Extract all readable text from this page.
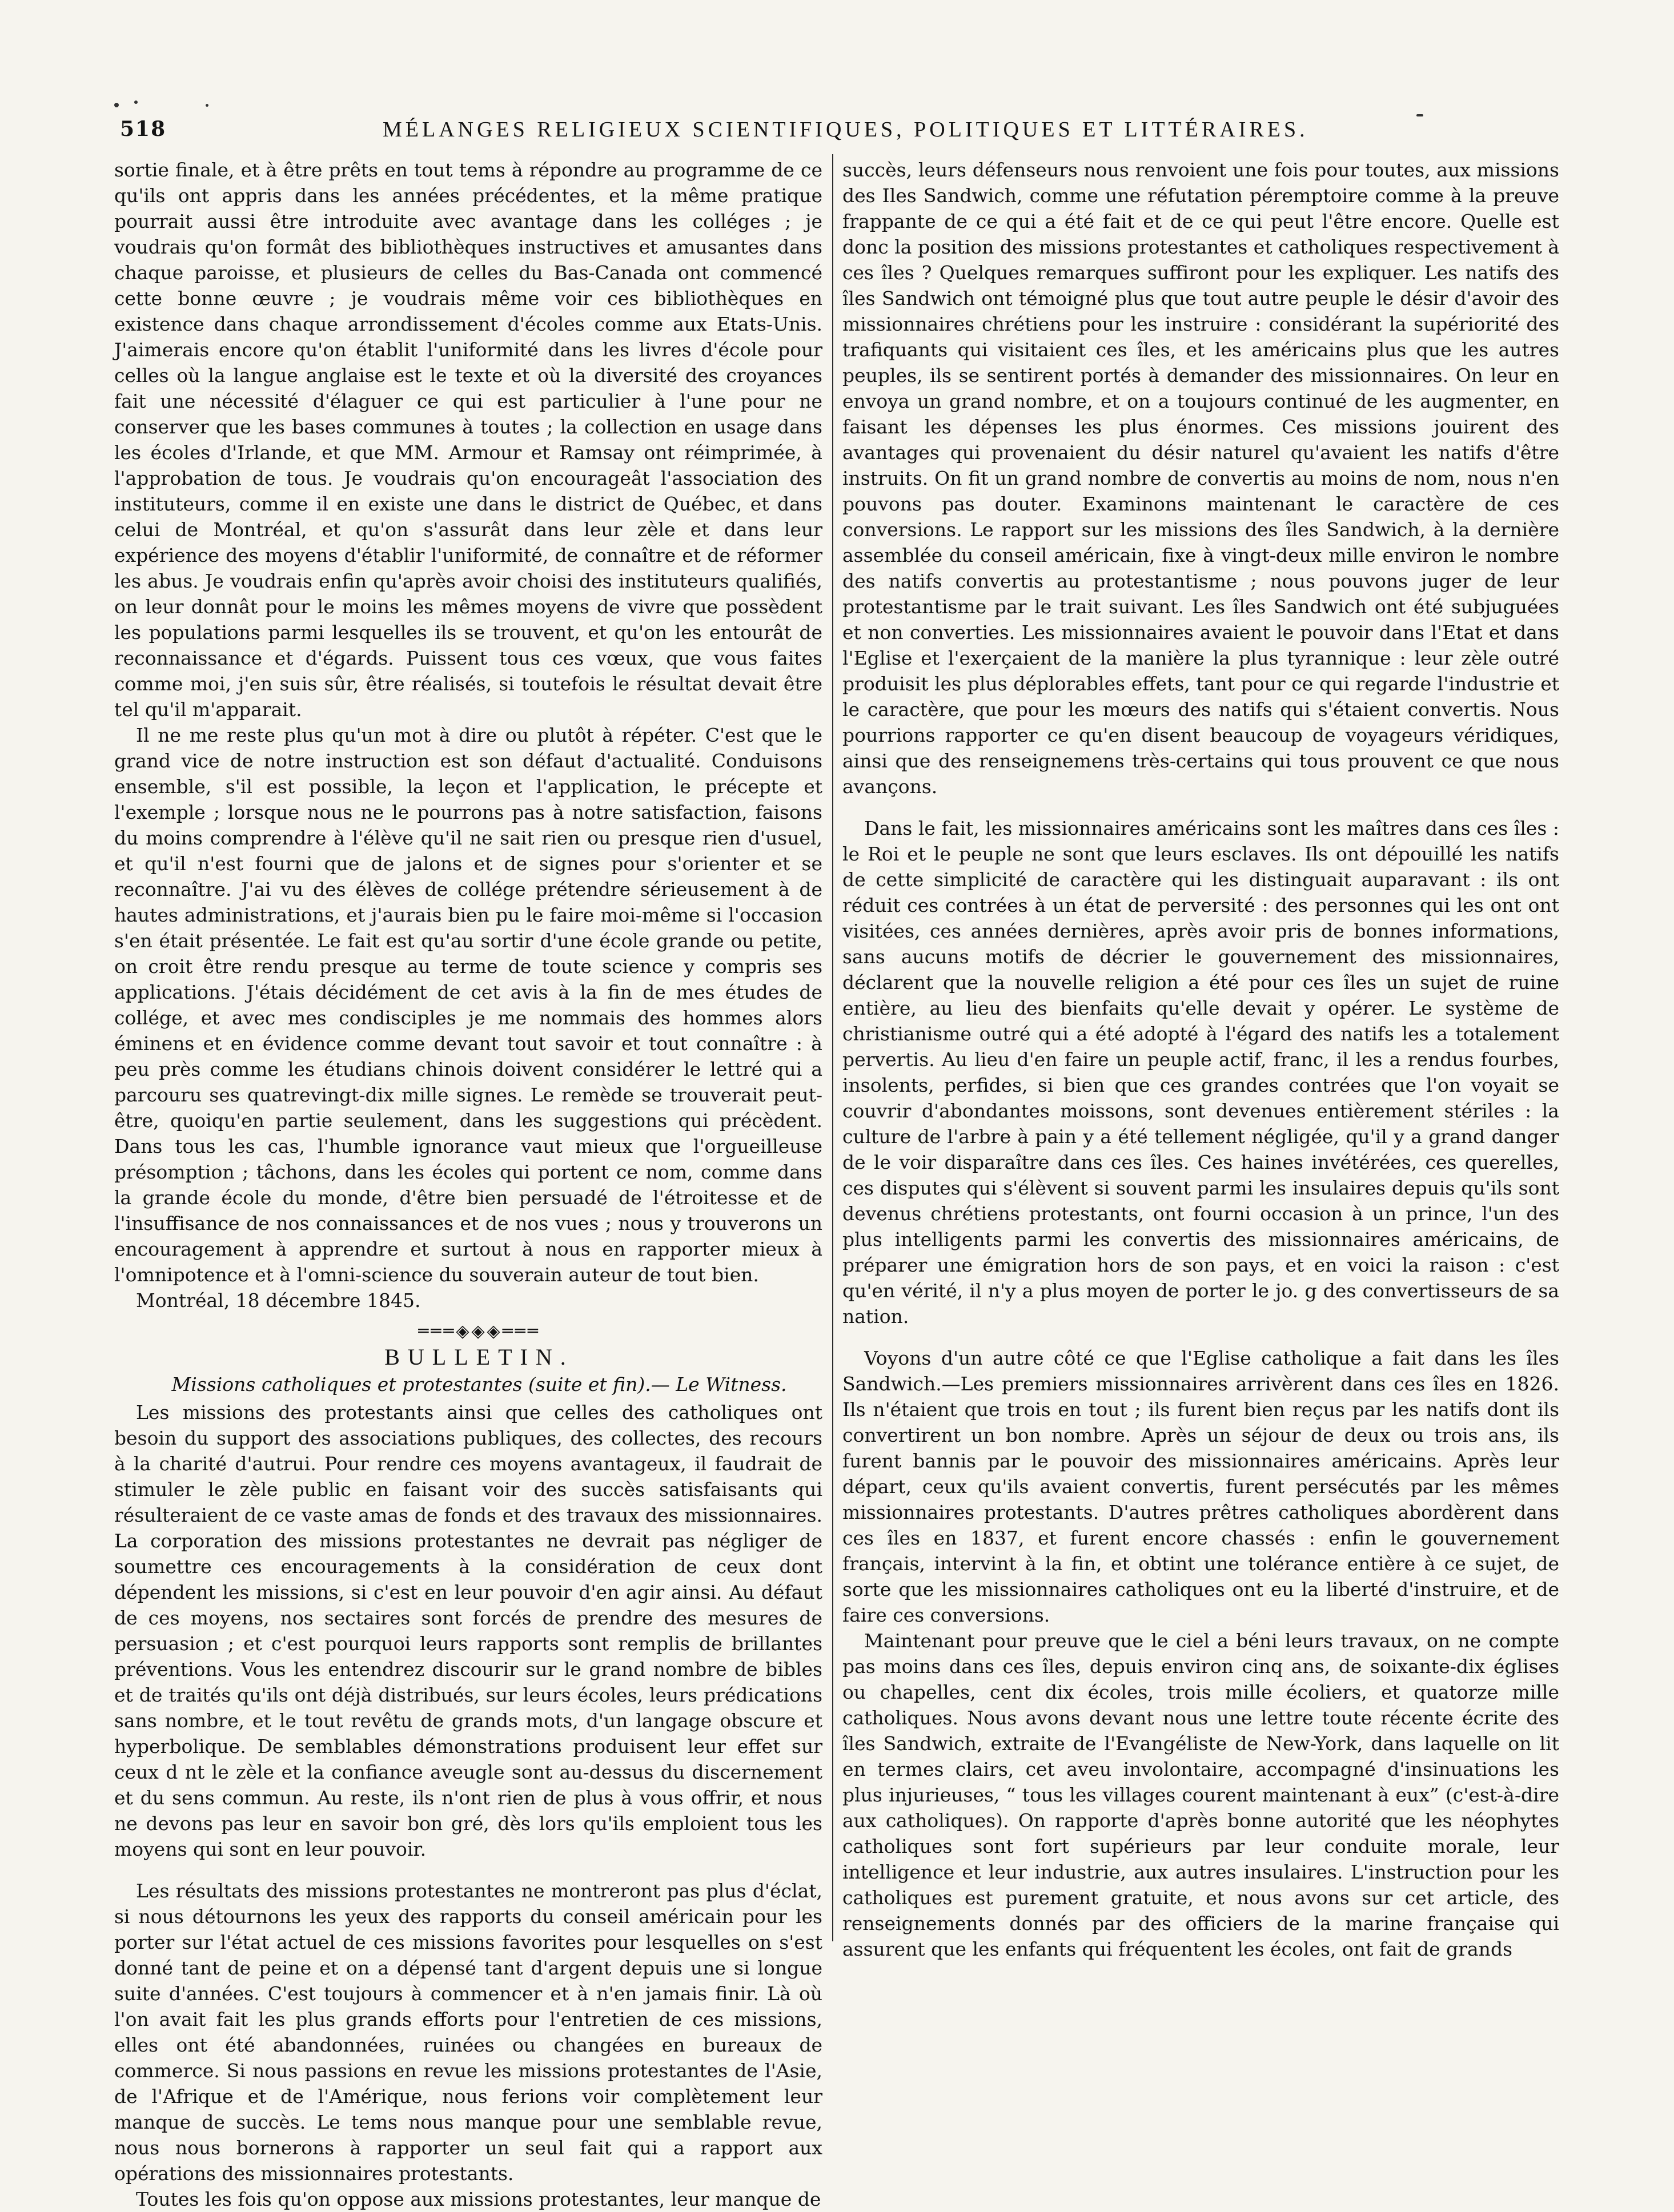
518	MÉLANGES RELIGIEUX SCIENTIFIQUES, POLITIQUES ET LITTÉRAIRES.

sortie finale, et à être prêts en tout tems à répondre au programme de ce qu'ils ont appris dans les années précédentes, et la même pratique pourrait aussi être introduite avec avantage dans les colléges ; je voudrais qu'on formât des bibliothèques instructives et amusantes dans chaque paroisse, et plusieurs de celles du Bas-Canada ont commencé cette bonne œuvre ; je voudrais même voir ces bibliothèques en existence dans chaque arrondissement d'écoles comme aux Etats-Unis. J'aimerais encore qu'on établit l'uniformité dans les livres d'école pour celles où la langue anglaise est le texte et où la diversité des croyances fait une nécessité d'élaguer ce qui est particulier à l'une pour ne conserver que les bases communes à toutes ; la collection en usage dans les écoles d'Irlande, et que MM. Armour et Ramsay ont réimprimée, à l'approbation de tous. Je voudrais qu'on encourageât l'association des instituteurs, comme il en existe une dans le district de Québec, et dans celui de Montréal, et qu'on s'assurât dans leur zèle et dans leur expérience des moyens d'établir l'uniformité, de connaître et de réformer les abus. Je voudrais enfin qu'après avoir choisi des instituteurs qualifiés, on leur donnât pour le moins les mêmes moyens de vivre que possèdent les populations parmi lesquelles ils se trouvent, et qu'on les entourât de reconnaissance et d'égards. Puissent tous ces vœux, que vous faites comme moi, j'en suis sûr, être réalisés, si toutefois le résultat devait être tel qu'il m'apparait.

Il ne me reste plus qu'un mot à dire ou plutôt à répéter. C'est que le grand vice de notre instruction est son défaut d'actualité. Conduisons ensemble, s'il est possible, la leçon et l'application, le précepte et l'exemple ; lorsque nous ne le pourrons pas à notre satisfaction, faisons du moins comprendre à l'élève qu'il ne sait rien ou presque rien d'usuel, et qu'il n'est fourni que de jalons et de signes pour s'orienter et se reconnaître. J'ai vu des élèves de collége prétendre sérieusement à de hautes administrations, et j'aurais bien pu le faire moi-même si l'occasion s'en était présentée. Le fait est qu'au sortir d'une école grande ou petite, on croit être rendu presque au terme de toute science y compris ses applications. J'étais décidément de cet avis à la fin de mes études de collége, et avec mes condisciples je me nommais des hommes alors éminens et en évidence comme devant tout savoir et tout connaître : à peu près comme les étudians chinois doivent considérer le lettré qui a parcouru ses quatrevingt-dix mille signes. Le remède se trouverait peut-être, quoiqu'en partie seulement, dans les suggestions qui précèdent. Dans tous les cas, l'humble ignorance vaut mieux que l'orgueilleuse présomption ; tâchons, dans les écoles qui portent ce nom, comme dans la grande école du monde, d'être bien persuadé de l'étroitesse et de l'insuffisance de nos connaissances et de nos vues ; nous y trouverons un encouragement à apprendre et surtout à nous en rapporter mieux à l'omnipotence et à l'omni-science du souverain auteur de tout bien.

Montréal, 18 décembre 1845.

═══◈◈◈═══

BULLETIN.

Missions catholiques et protestantes (suite et fin).— Le Witness.

Les missions des protestants ainsi que celles des catholiques ont besoin du support des associations publiques, des collectes, des recours à la charité d'autrui. Pour rendre ces moyens avantageux, il faudrait de stimuler le zèle public en faisant voir des succès satisfaisants qui résulteraient de ce vaste amas de fonds et des travaux des missionnaires. La corporation des missions protestantes ne devrait pas négliger de soumettre ces encouragements à la considération de ceux dont dépendent les missions, si c'est en leur pouvoir d'en agir ainsi. Au défaut de ces moyens, nos sectaires sont forcés de prendre des mesures de persuasion ; et c'est pourquoi leurs rapports sont remplis de brillantes préventions. Vous les entendrez discourir sur le grand nombre de bibles et de traités qu'ils ont déjà distribués, sur leurs écoles, leurs prédications sans nombre, et le tout revêtu de grands mots, d'un langage obscure et hyperbolique. De semblables démonstrations produisent leur effet sur ceux d nt le zèle et la confiance aveugle sont au-dessus du discernement et du sens commun. Au reste, ils n'ont rien de plus à vous offrir, et nous ne devons pas leur en savoir bon gré, dès lors qu'ils emploient tous les moyens qui sont en leur pouvoir.

Les résultats des missions protestantes ne montreront pas plus d'éclat, si nous détournons les yeux des rapports du conseil américain pour les porter sur l'état actuel de ces missions favorites pour lesquelles on s'est donné tant de peine et on a dépensé tant d'argent depuis une si longue suite d'années. C'est toujours à commencer et à n'en jamais finir. Là où l'on avait fait les plus grands efforts pour l'entretien de ces missions, elles ont été abandonnées, ruinées ou changées en bureaux de commerce. Si nous passions en revue les missions protestantes de l'Asie, de l'Afrique et de l'Amérique, nous ferions voir complètement leur manque de succès. Le tems nous manque pour une semblable revue, nous nous bornerons à rapporter un seul fait qui a rapport aux opérations des missionnaires protestants.

Toutes les fois qu'on oppose aux missions protestantes, leur manque de

succès, leurs défenseurs nous renvoient une fois pour toutes, aux missions des Iles Sandwich, comme une réfutation péremptoire comme à la preuve frappante de ce qui a été fait et de ce qui peut l'être encore. Quelle est donc la position des missions protestantes et catholiques respectivement à ces îles ? Quelques remarques suffiront pour les expliquer. Les natifs des îles Sandwich ont témoigné plus que tout autre peuple le désir d'avoir des missionnaires chrétiens pour les instruire : considérant la supériorité des trafiquants qui visitaient ces îles, et les américains plus que les autres peuples, ils se sentirent portés à demander des missionnaires. On leur en envoya un grand nombre, et on a toujours continué de les augmenter, en faisant les dépenses les plus énormes. Ces missions jouirent des avantages qui provenaient du désir naturel qu'avaient les natifs d'être instruits. On fit un grand nombre de convertis au moins de nom, nous n'en pouvons pas douter. Examinons maintenant le caractère de ces conversions. Le rapport sur les missions des îles Sandwich, à la dernière assemblée du conseil américain, fixe à vingt-deux mille environ le nombre des natifs convertis au protestantisme ; nous pouvons juger de leur protestantisme par le trait suivant. Les îles Sandwich ont été subjuguées et non converties. Les missionnaires avaient le pouvoir dans l'Etat et dans l'Eglise et l'exerçaient de la manière la plus tyrannique : leur zèle outré produisit les plus déplorables effets, tant pour ce qui regarde l'industrie et le caractère, que pour les mœurs des natifs qui s'étaient convertis. Nous pourrions rapporter ce qu'en disent beaucoup de voyageurs véridiques, ainsi que des renseignemens très-certains qui tous prouvent ce que nous avançons.

Dans le fait, les missionnaires américains sont les maîtres dans ces îles : le Roi et le peuple ne sont que leurs esclaves. Ils ont dépouillé les natifs de cette simplicité de caractère qui les distinguait auparavant : ils ont réduit ces contrées à un état de perversité : des personnes qui les ont ont visitées, ces années dernières, après avoir pris de bonnes informations, sans aucuns motifs de décrier le gouvernement des missionnaires, déclarent que la nouvelle religion a été pour ces îles un sujet de ruine entière, au lieu des bienfaits qu'elle devait y opérer. Le système de christianisme outré qui a été adopté à l'égard des natifs les a totalement pervertis. Au lieu d'en faire un peuple actif, franc, il les a rendus fourbes, insolents, perfides, si bien que ces grandes contrées que l'on voyait se couvrir d'abondantes moissons, sont devenues entièrement stériles : la culture de l'arbre à pain y a été tellement négligée, qu'il y a grand danger de le voir disparaître dans ces îles. Ces haines invétérées, ces querelles, ces disputes qui s'élèvent si souvent parmi les insulaires depuis qu'ils sont devenus chrétiens protestants, ont fourni occasion à un prince, l'un des plus intelligents parmi les convertis des missionnaires américains, de préparer une émigration hors de son pays, et en voici la raison : c'est qu'en vérité, il n'y a plus moyen de porter le jo. g des convertisseurs de sa nation.

Voyons d'un autre côté ce que l'Eglise catholique a fait dans les îles Sandwich.—Les premiers missionnaires arrivèrent dans ces îles en 1826. Ils n'étaient que trois en tout ; ils furent bien reçus par les natifs dont ils convertirent un bon nombre. Après un séjour de deux ou trois ans, ils furent bannis par le pouvoir des missionnaires américains. Après leur départ, ceux qu'ils avaient convertis, furent persécutés par les mêmes missionnaires protestants. D'autres prêtres catholiques abordèrent dans ces îles en 1837, et furent encore chassés : enfin le gouvernement français, intervint à la fin, et obtint une tolérance entière à ce sujet, de sorte que les missionnaires catholiques ont eu la liberté d'instruire, et de faire ces conversions.

Maintenant pour preuve que le ciel a béni leurs travaux, on ne compte pas moins dans ces îles, depuis environ cinq ans, de soixante-dix églises ou chapelles, cent dix écoles, trois mille écoliers, et quatorze mille catholiques. Nous avons devant nous une lettre toute récente écrite des îles Sandwich, extraite de l'Evangéliste de New-York, dans laquelle on lit en termes clairs, cet aveu involontaire, accompagné d'insinuations les plus injurieuses, “ tous les villages courent maintenant à eux” (c'est-à-dire aux catholiques). On rapporte d'après bonne autorité que les néophytes catholiques sont fort supérieurs par leur conduite morale, leur intelligence et leur industrie, aux autres insulaires. L'instruction pour les catholiques est purement gratuite, et nous avons sur cet article, des renseignements donnés par des officiers de la marine française qui assurent que les enfants qui fréquentent les écoles, ont fait de grands
